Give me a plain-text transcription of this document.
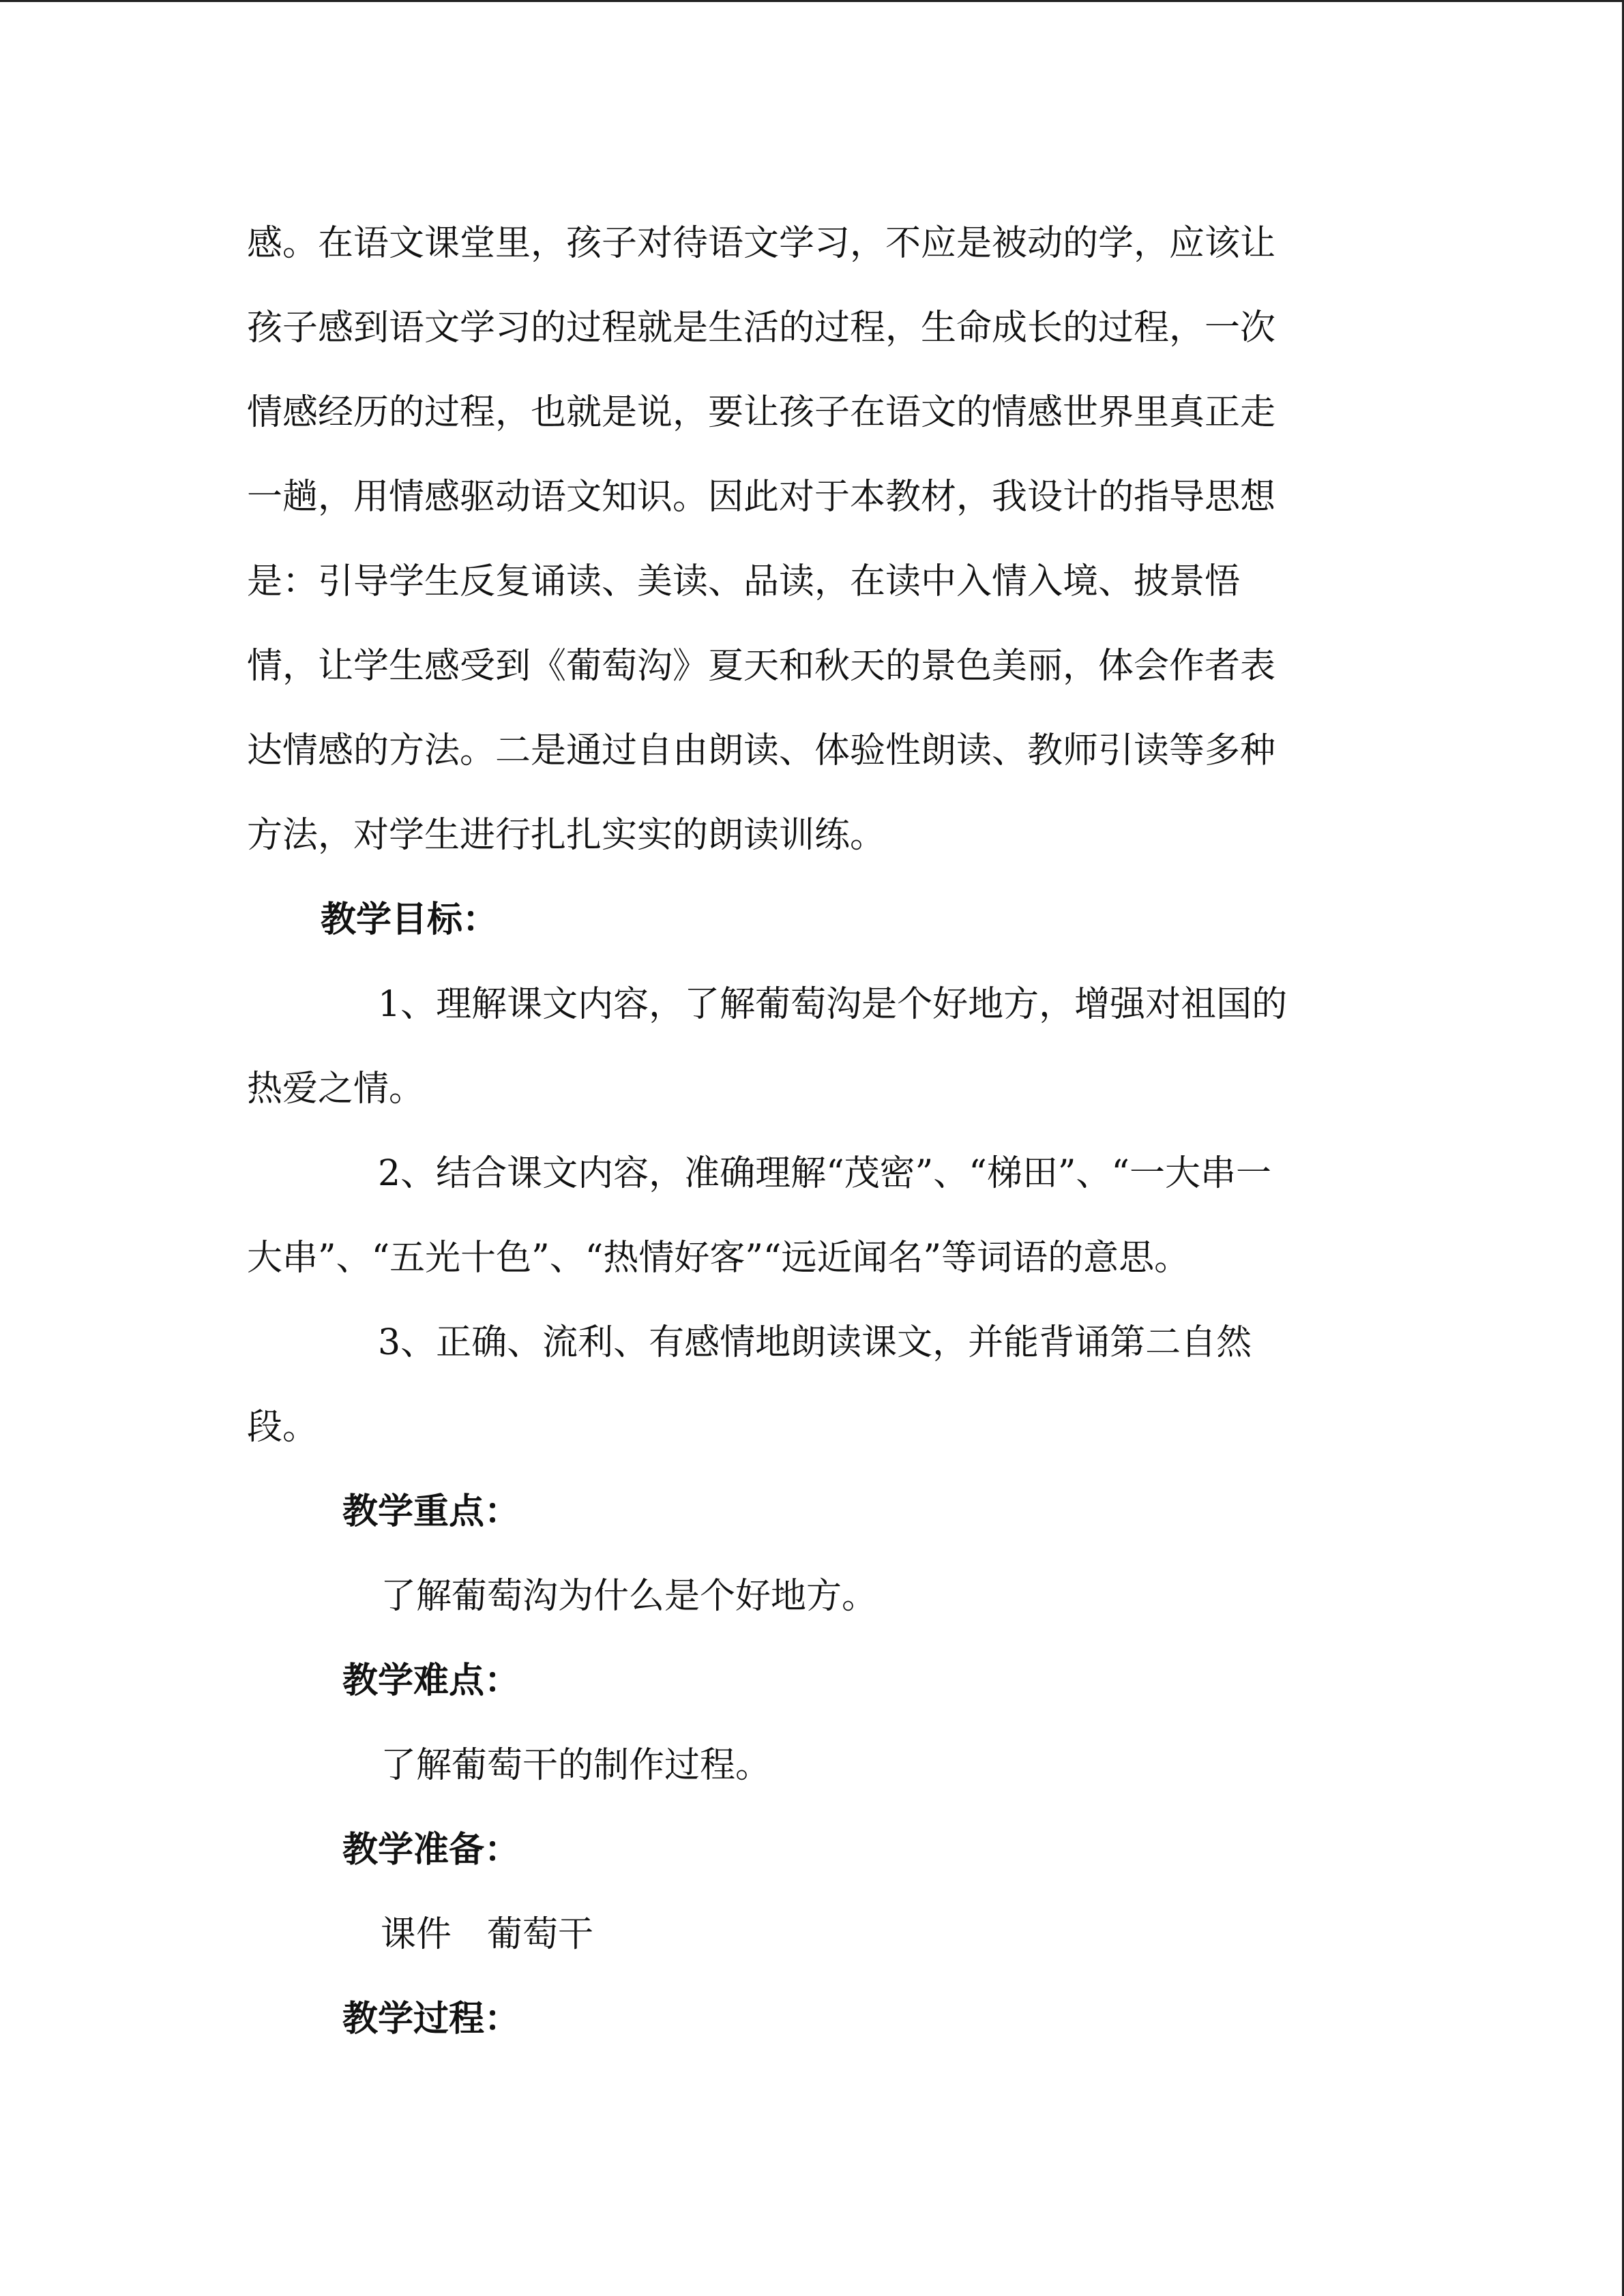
感。在语文课堂里，孩子对待语文学习，不应是被动的学，应该让
孩子感到语文学习的过程就是生活的过程，生命成长的过程，一次
情感经历的过程，也就是说，要让孩子在语文的情感世界里真正走
一趟，用情感驱动语文知识。因此对于本教材，我设计的指导思想
是：引导学生反复诵读、美读、品读，在读中入情入境、披景悟
情，让学生感受到《葡萄沟》夏天和秋天的景色美丽，体会作者表
达情感的方法。二是通过自由朗读、体验性朗读、教师引读等多种
方法，对学生进行扎扎实实的朗读训练。
教学目标：
1、理解课文内容，了解葡萄沟是个好地方，增强对祖国的
热爱之情。
2、结合课文内容，准确理解“茂密”、“梯田”、“一大串一
大串”、“五光十色”、“热情好客”“远近闻名”等词语的意思。
3、正确、流利、有感情地朗读课文，并能背诵第二自然
段。
教学重点：
了解葡萄沟为什么是个好地方。
教学难点：
了解葡萄干的制作过程。
教学准备：
课件　葡萄干
教学过程：
